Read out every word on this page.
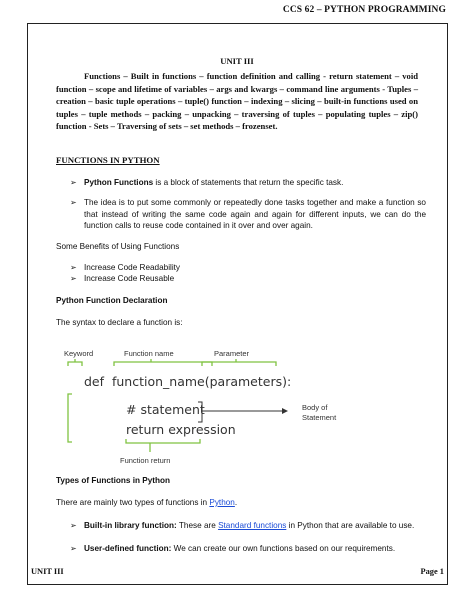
CCS 62 – PYTHON PROGRAMMING
UNIT III
Functions – Built in functions – function definition and calling - return statement – void function – scope and lifetime of variables – args and kwargs – command line arguments - Tuples – creation – basic tuple operations – tuple() function – indexing – slicing – built-in functions used on tuples – tuple methods – packing – unpacking – traversing of tuples – populating tuples – zip() function - Sets – Traversing of sets – set methods – frozenset.
FUNCTIONS IN PYTHON
➢ Python Functions is a block of statements that return the specific task.
➢ The idea is to put some commonly or repeatedly done tasks together and make a function so that instead of writing the same code again and again for different inputs, we can do the function calls to reuse code contained in it over and over again.
Some Benefits of Using Functions
➢ Increase Code Readability
➢ Increase Code Reusable
Python Function Declaration
The syntax to declare a function is:
Keyword	Function name	Parameter
def  function_name(parameters):
# statement
return expression
Body of
Statement
Function return
Types of Functions in Python
There are mainly two types of functions in Python.
➢ Built-in library function: These are Standard functions in Python that are available to use.
➢ User-defined function: We can create our own functions based on our requirements.
UNIT III	Page 1
